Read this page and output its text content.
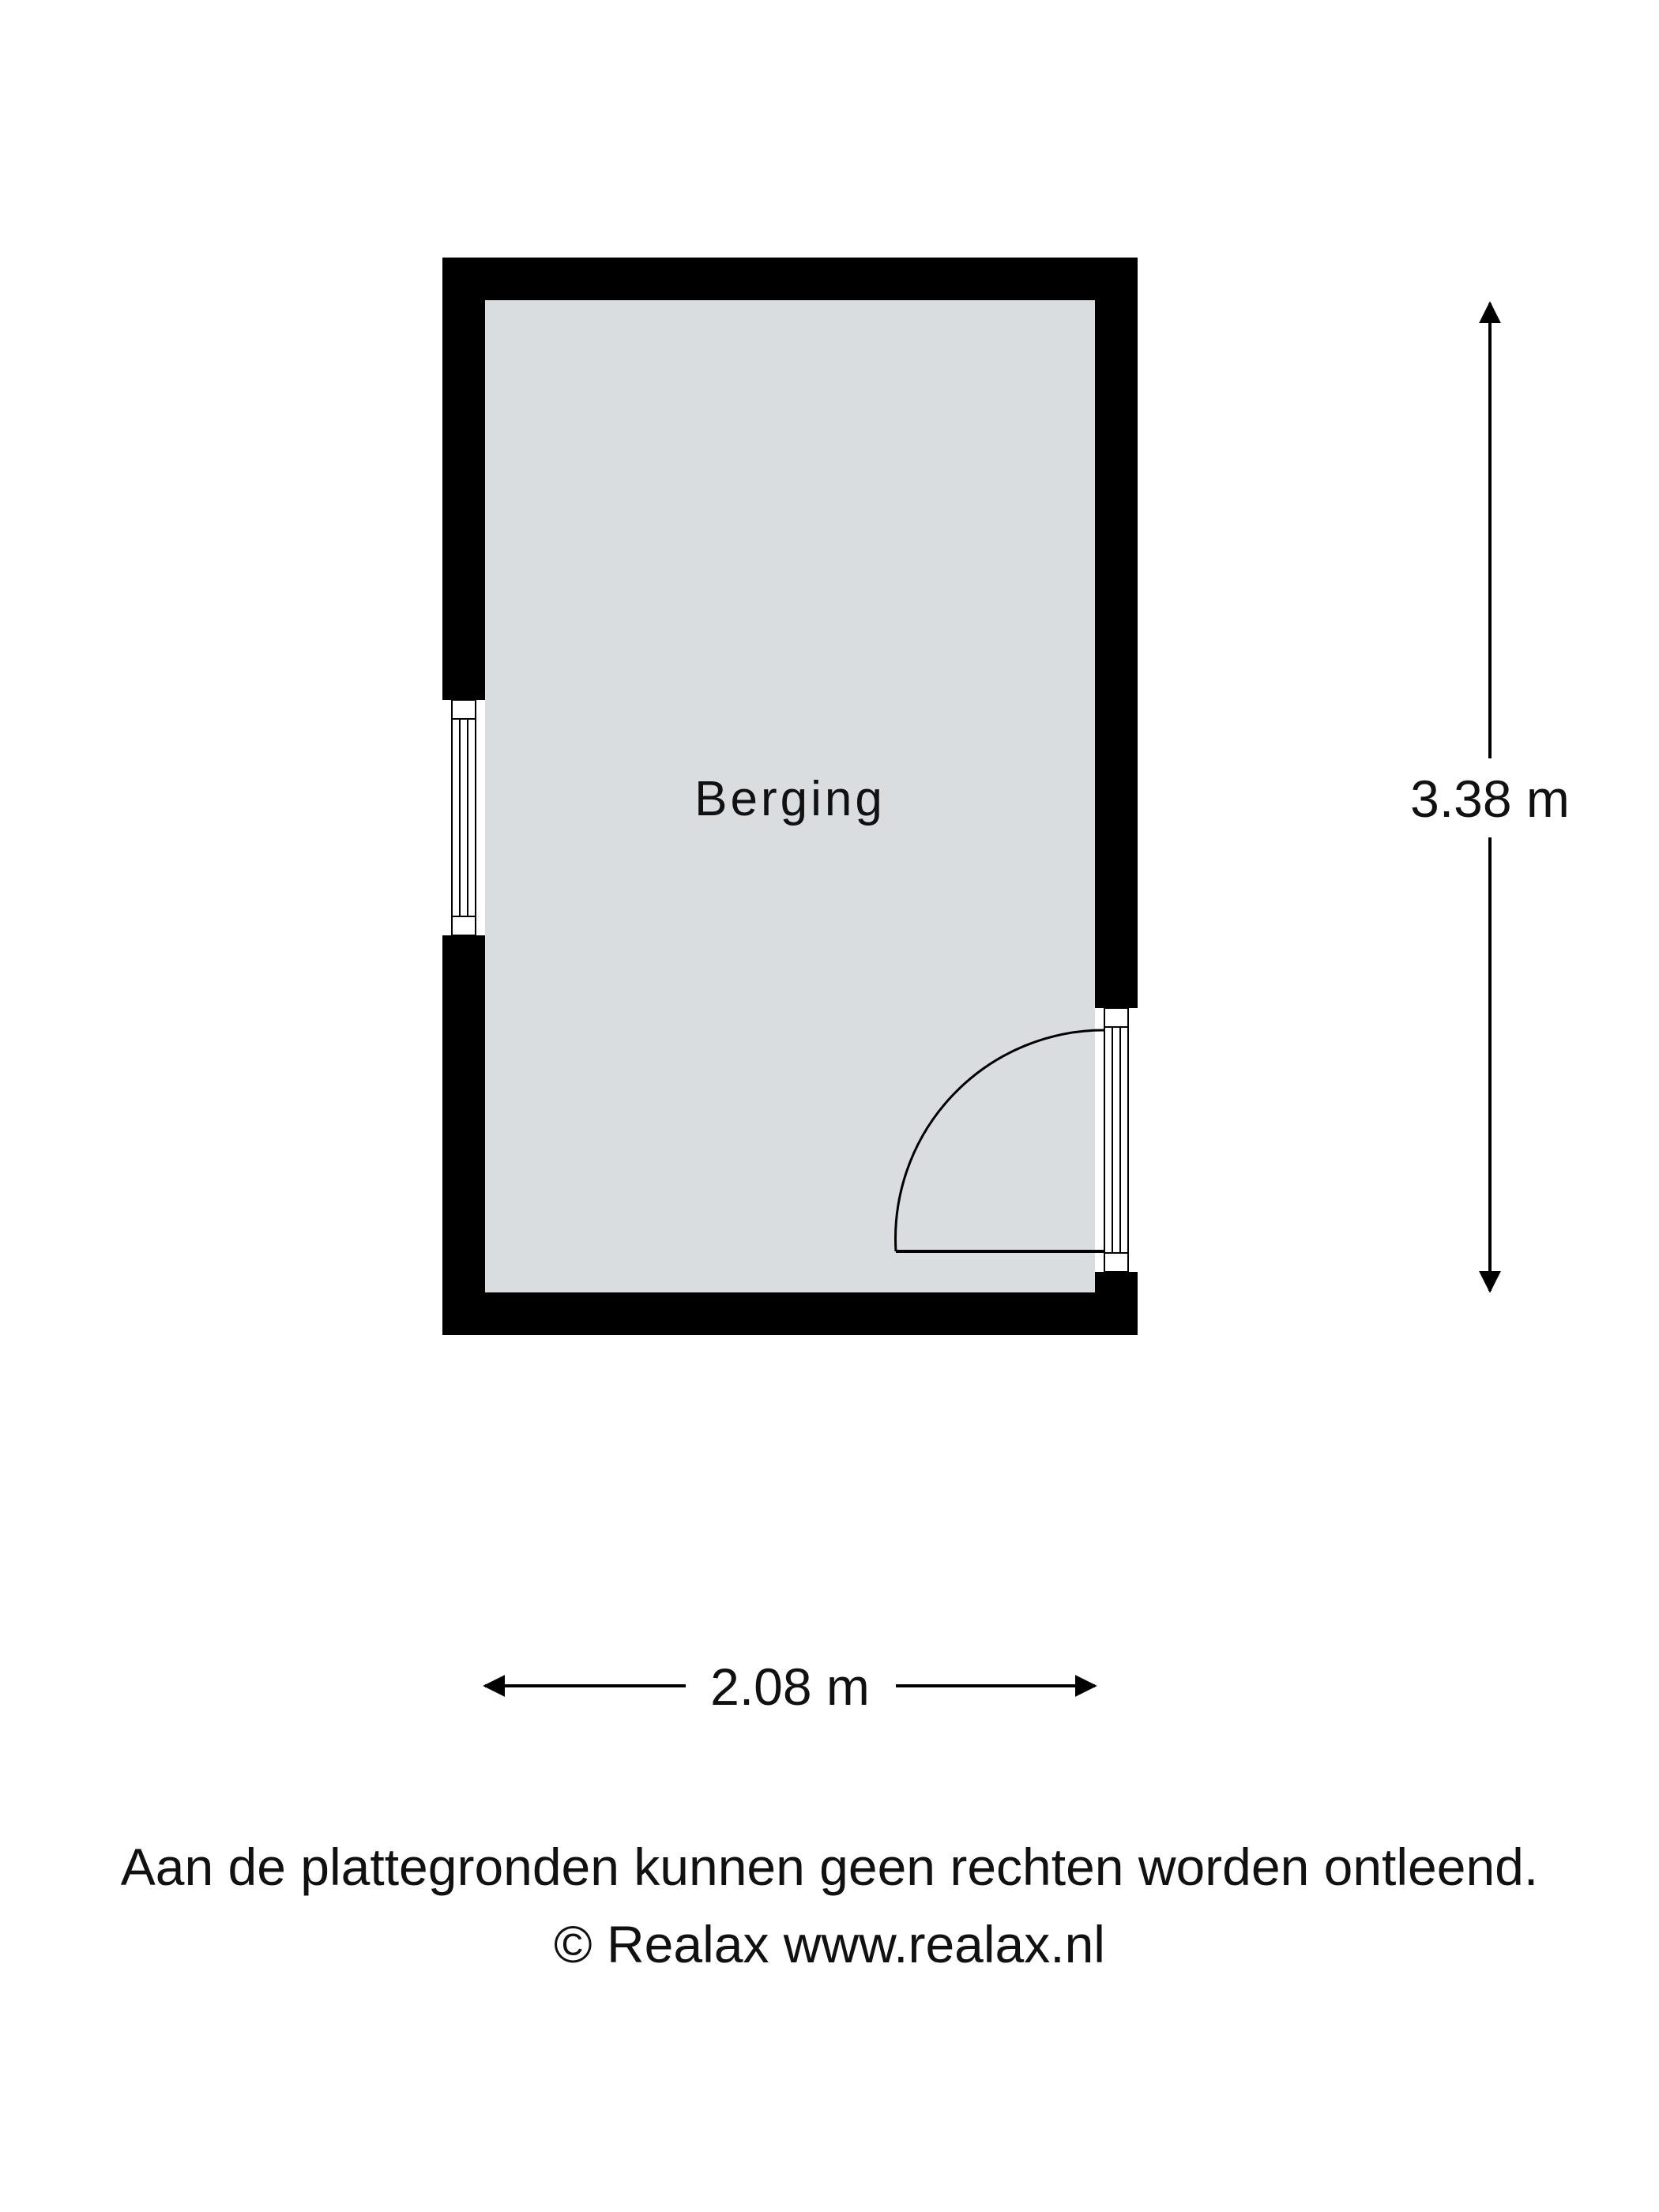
Berging	3.38 m
2.08 m
Aan de plattegronden kunnen geen rechten worden ontleend.
© Realax www.realax.nl
